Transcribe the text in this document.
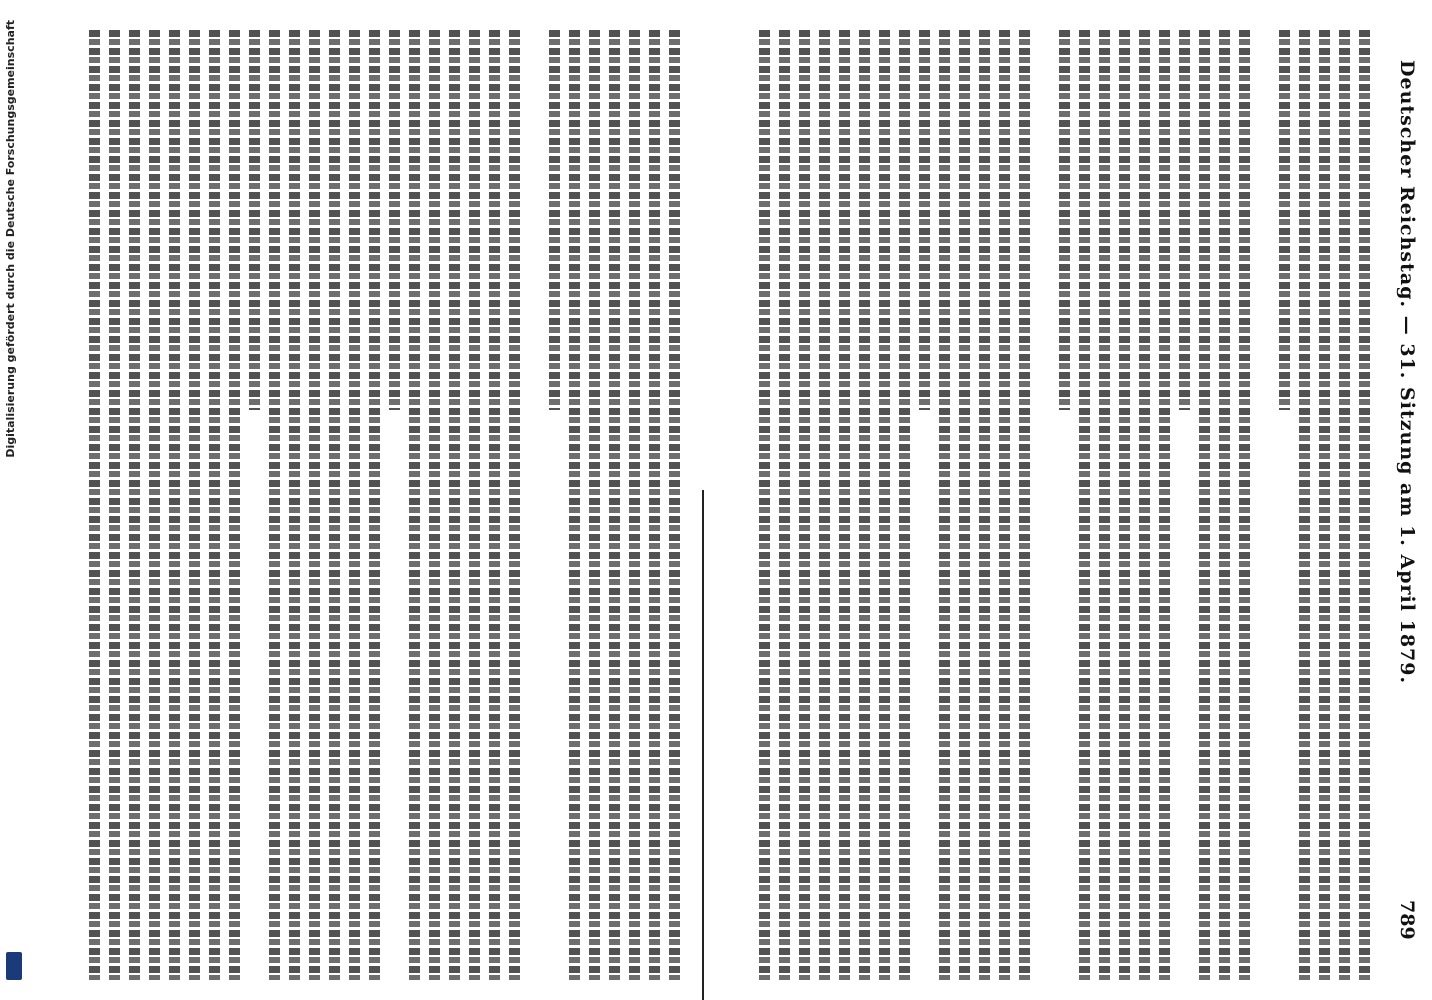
Deutscher Reichstag. — 31. Sitzung am 1. April 1879.
789
Digitalisierung gefördert durch die Deutsche Forschungsgemeinschaft
